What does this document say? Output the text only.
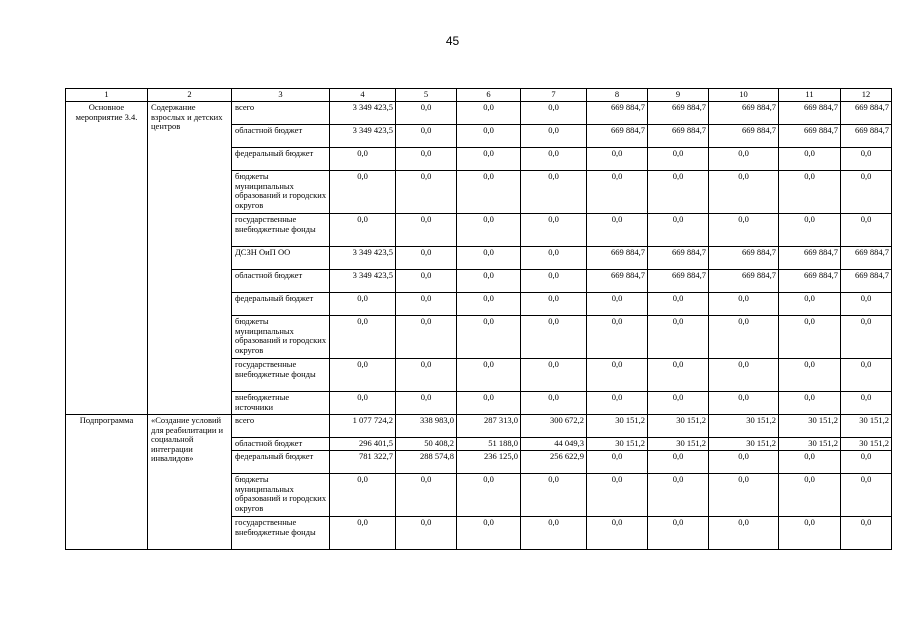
45
1	2	3	4	5	6	7	8	9	10	11	12
Основное мероприятие 3.4.	Содержание взрослых и детских центров	всего	3 349 423,5	0,0	0,0	0,0	669 884,7	669 884,7	669 884,7	669 884,7	669 884,7
		областной бюджет	3 349 423,5	0,0	0,0	0,0	669 884,7	669 884,7	669 884,7	669 884,7	669 884,7
		федеральный бюджет	0,0	0,0	0,0	0,0	0,0	0,0	0,0	0,0	0,0
		бюджеты муниципальных образований и городских округов	0,0	0,0	0,0	0,0	0,0	0,0	0,0	0,0	0,0
		государственные внебюджетные фонды	0,0	0,0	0,0	0,0	0,0	0,0	0,0	0,0	0,0
		ДСЗН ОиП ОО	3 349 423,5	0,0	0,0	0,0	669 884,7	669 884,7	669 884,7	669 884,7	669 884,7
		областной бюджет	3 349 423,5	0,0	0,0	0,0	669 884,7	669 884,7	669 884,7	669 884,7	669 884,7
		федеральный бюджет	0,0	0,0	0,0	0,0	0,0	0,0	0,0	0,0	0,0
		бюджеты муниципальных образований и городских округов	0,0	0,0	0,0	0,0	0,0	0,0	0,0	0,0	0,0
		государственные внебюджетные фонды	0,0	0,0	0,0	0,0	0,0	0,0	0,0	0,0	0,0
		внебюджетные источники	0,0	0,0	0,0	0,0	0,0	0,0	0,0	0,0	0,0
Подпрограмма	«Создание условий для реабилитации и социальной интеграции инвалидов»	всего	1 077 724,2	338 983,0	287 313,0	300 672,2	30 151,2	30 151,2	30 151,2	30 151,2	30 151,2
		областной бюджет	296 401,5	50 408,2	51 188,0	44 049,3	30 151,2	30 151,2	30 151,2	30 151,2	30 151,2
		федеральный бюджет	781 322,7	288 574,8	236 125,0	256 622,9	0,0	0,0	0,0	0,0	0,0
		бюджеты муниципальных образований и городских округов	0,0	0,0	0,0	0,0	0,0	0,0	0,0	0,0	0,0
		государственные внебюджетные фонды	0,0	0,0	0,0	0,0	0,0	0,0	0,0	0,0	0,0
